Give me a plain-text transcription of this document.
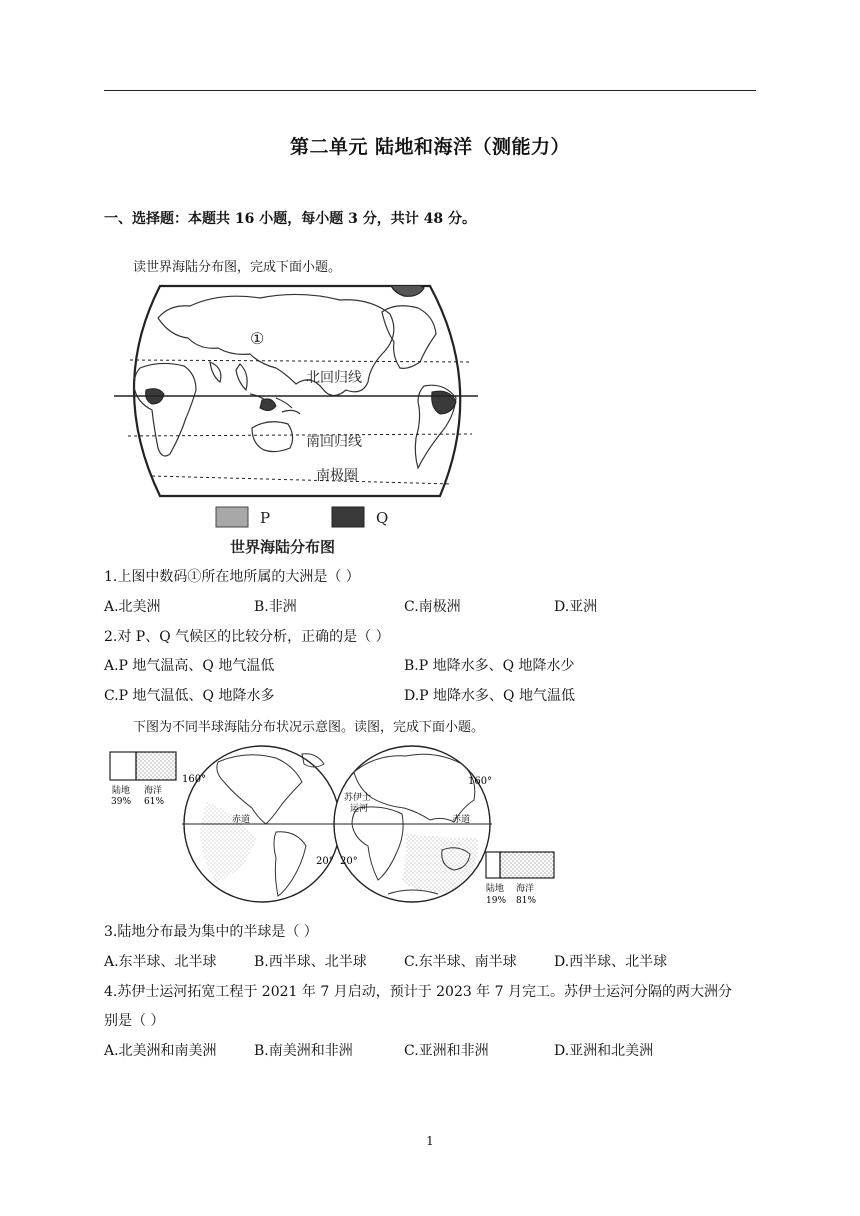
第二单元 陆地和海洋（测能力）
一、选择题：本题共 16 小题，每小题 3 分，共计 48 分。
读世界海陆分布图，完成下面小题。
①
北回归线
南回归线
南极圈
P	Q
世界海陆分布图
1.上图中数码①所在地所属的大洲是（ ）
A.北美洲	B.非洲	C.南极洲	D.亚洲
2.对 P、Q 气候区的比较分析，正确的是（ ）
A.P 地气温高、Q 地气温低	B.P 地降水多、Q 地降水少
C.P 地气温低、Q 地降水多	D.P 地降水多、Q 地气温低
下图为不同半球海陆分布状况示意图。读图，完成下面小题。
陆地 海洋
39% 61%
赤道	赤道
160°	160°
20° 20°
苏伊士
运河
陆地 海洋
19% 81%
3.陆地分布最为集中的半球是（ ）
A.东半球、北半球	B.西半球、北半球	C.东半球、南半球	D.西半球、北半球
4.苏伊士运河拓宽工程于 2021 年 7 月启动，预计于 2023 年 7 月完工。苏伊士运河分隔的两大洲分
别是（ ）
A.北美洲和南美洲	B.南美洲和非洲	C.亚洲和非洲	D.亚洲和北美洲
1
